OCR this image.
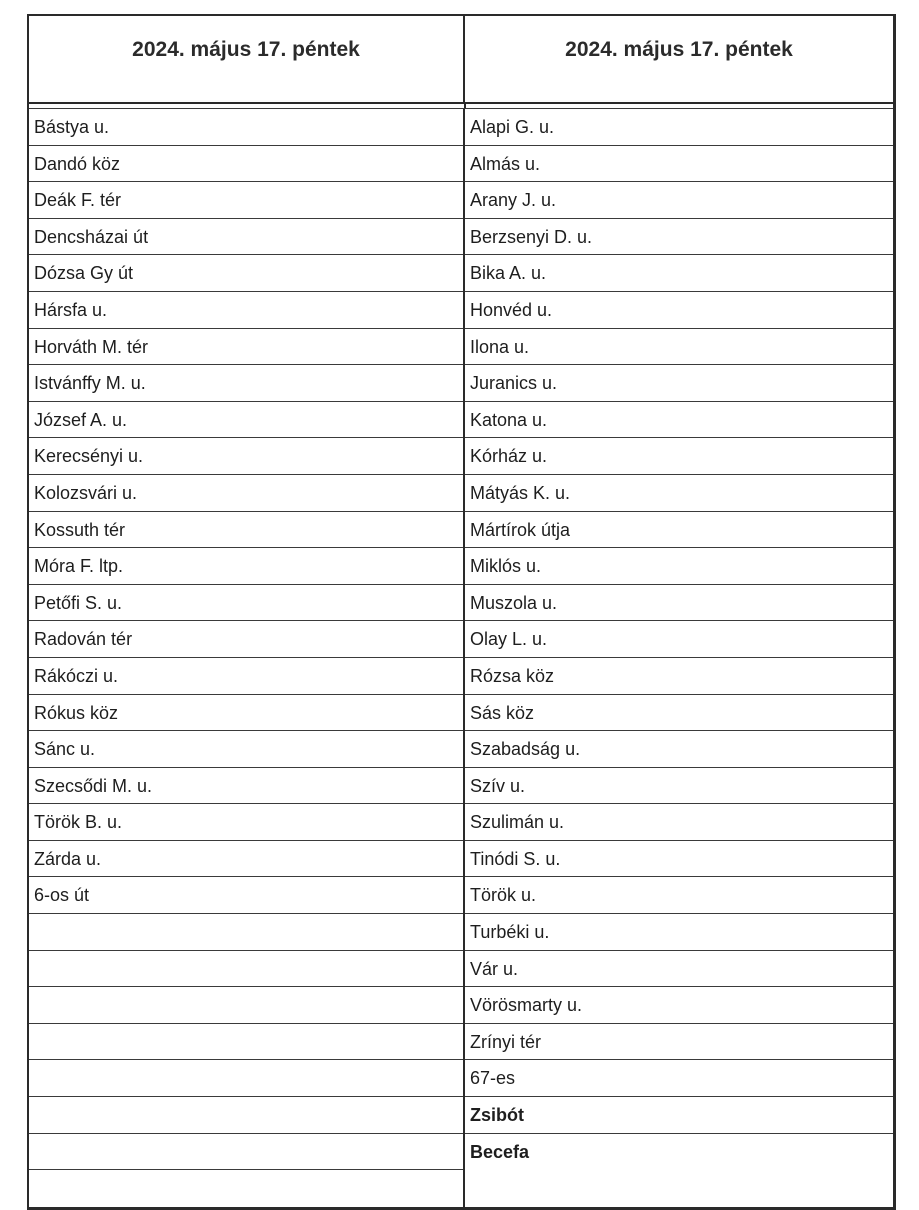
2024. május 17. péntek	2024. május 17. péntek
Bástya u.
Dandó köz
Deák F. tér
Dencsházai út
Dózsa Gy út
Hársfa u.
Horváth M. tér
Istvánffy M. u.
József A. u.
Kerecsényi u.
Kolozsvári u.
Kossuth tér
Móra F. ltp.
Petőfi S. u.
Radován tér
Rákóczi u.
Rókus köz
Sánc u.
Szecsődi M. u.
Török B. u.
Zárda u.
6-os út
Alapi G. u.
Almás u.
Arany J. u.
Berzsenyi D. u.
Bika A. u.
Honvéd u.
Ilona u.
Juranics u.
Katona u.
Kórház u.
Mátyás K. u.
Mártírok útja
Miklós u.
Muszola u.
Olay L. u.
Rózsa köz
Sás köz
Szabadság u.
Szív u.
Szulimán u.
Tinódi S. u.
Török u.
Turbéki u.
Vár u.
Vörösmarty u.
Zrínyi tér
67-es
Zsibót
Becefa
